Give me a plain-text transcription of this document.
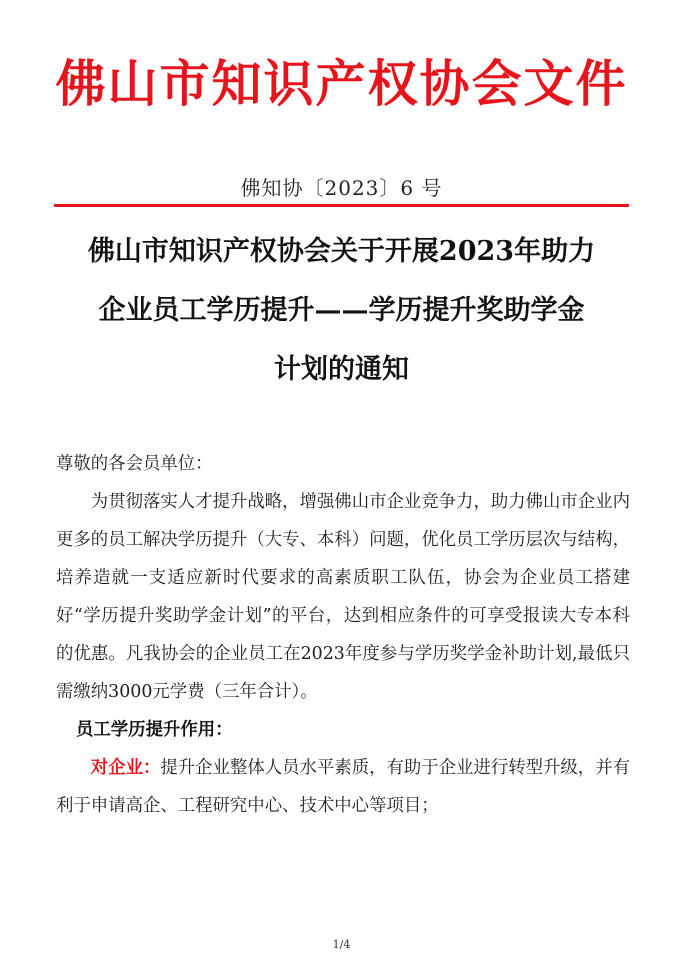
佛山市知识产权协会文件
佛知协〔2023〕6 号
佛山市知识产权协会关于开展2023年助力
企业员工学历提升——学历提升奖助学金
计划的通知

尊敬的各会员单位：

为贯彻落实人才提升战略，增强佛山市企业竞争力，助力佛山市企业内更多的员工解决学历提升（大专、本科）问题，优化员工学历层次与结构，培养造就一支适应新时代要求的高素质职工队伍，协会为企业员工搭建好“学历提升奖助学金计划”的平台，达到相应条件的可享受报读大专本科的优惠。凡我协会的企业员工在2023年度参与学历奖学金补助计划,最低只需缴纳3000元学费（三年合计）。

员工学历提升作用：

对企业：提升企业整体人员水平素质，有助于企业进行转型升级，并有利于申请高企、工程研究中心、技术中心等项目；

1/4
